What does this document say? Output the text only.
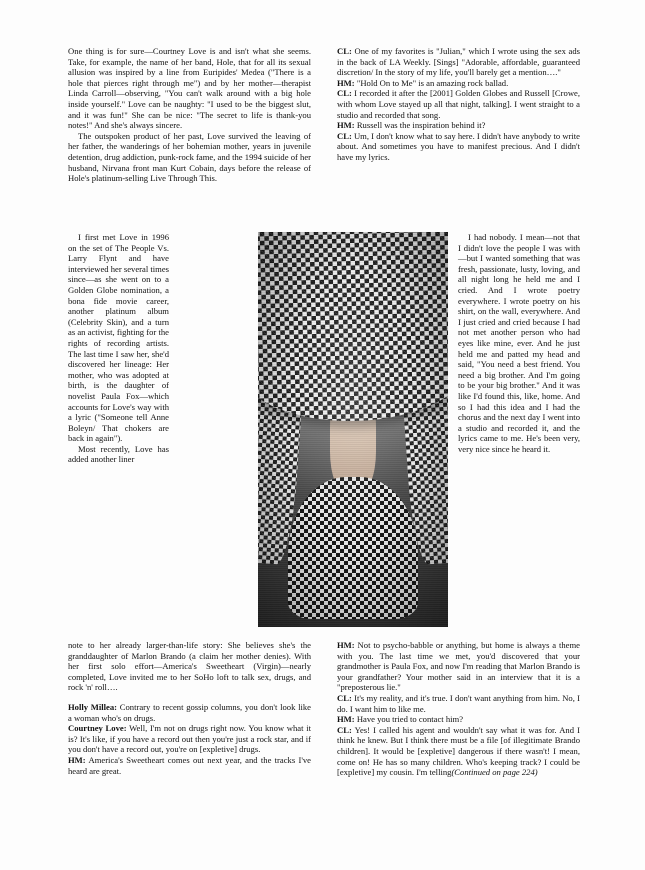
One thing is for sure—Courtney Love is and isn't what she seems. Take, for example, the name of her band, Hole, that for all its sexual allusion was inspired by a line from Euripides' Medea ("There is a hole that pierces right through me") and by her mother—therapist Linda Carroll—observing, "You can't walk around with a big hole inside yourself." Love can be naughty: "I used to be the biggest slut, and it was fun!" She can be nice: "The secret to life is thank-you notes!" And she's always sincere.

The outspoken product of her past, Love survived the leaving of her father, the wanderings of her bohemian mother, years in juvenile detention, drug addiction, punk-rock fame, and the 1994 suicide of her husband, Nirvana front man Kurt Cobain, days before the release of Hole's platinum-selling Live Through This.

CL: One of my favorites is "Julian," which I wrote using the sex ads in the back of LA Weekly. [Sings] "Adorable, affordable, guaranteed discretion/ In the story of my life, you'll barely get a mention…."

HM: "Hold On to Me" is an amazing rock ballad.

CL: I recorded it after the [2001] Golden Globes and Russell [Crowe, with whom Love stayed up all that night, talking]. I went straight to a studio and recorded that song.

HM: Russell was the inspiration behind it?

CL: Um, I don't know what to say here. I didn't have anybody to write about. And sometimes you have to manifest precious. And I didn't have my lyrics.

I first met Love in 1996 on the set of The People Vs. Larry Flynt and have interviewed her several times since—as she went on to a Golden Globe nomination, a bona fide movie career, another platinum album (Celebrity Skin), and a turn as an activist, fighting for the rights of recording artists. The last time I saw her, she'd discovered her lineage: Her mother, who was adopted at birth, is the daughter of novelist Paula Fox—which accounts for Love's way with a lyric ("Someone tell Anne Boleyn/ That chokers are back in again").

Most recently, Love has added another liner

I had nobody. I mean—not that I didn't love the people I was with—but I wanted something that was fresh, passionate, lusty, loving, and all night long he held me and I cried. And I wrote poetry everywhere. I wrote poetry on his shirt, on the wall, everywhere. And I just cried and cried because I had not met another person who had eyes like mine, ever. And he just held me and patted my head and said, "You need a best friend. You need a big brother. And I'm going to be your big brother." And it was like I'd found this, like, home. And so I had this idea and I had the chorus and the next day I went into a studio and recorded it, and the lyrics came to me. He's been very, very nice since he heard it.

note to her already larger-than-life story: She believes she's the granddaughter of Marlon Brando (a claim her mother denies). With her first solo effort—America's Sweetheart (Virgin)—nearly completed, Love invited me to her SoHo loft to talk sex, drugs, and rock 'n' roll….

Holly Millea: Contrary to recent gossip columns, you don't look like a woman who's on drugs.

Courtney Love: Well, I'm not on drugs right now. You know what it is? It's like, if you have a record out then you're just a rock star, and if you don't have a record out, you're on [expletive] drugs.

HM: America's Sweetheart comes out next year, and the tracks I've heard are great.

HM: Not to psycho-babble or anything, but home is always a theme with you. The last time we met, you'd discovered that your grandmother is Paula Fox, and now I'm reading that Marlon Brando is your grandfather? Your mother said in an interview that it is a "preposterous lie."

CL: It's my reality, and it's true. I don't want anything from him. No, I do. I want him to like me.

HM: Have you tried to contact him?

CL: Yes! I called his agent and wouldn't say what it was for. And I think he knew. But I think there must be a file [of illegitimate Brando children]. It would be [expletive] dangerous if there wasn't! I mean, come on! He has so many children. Who's keeping track? I could be [expletive] my cousin. I'm telling(Continued on page 224)
